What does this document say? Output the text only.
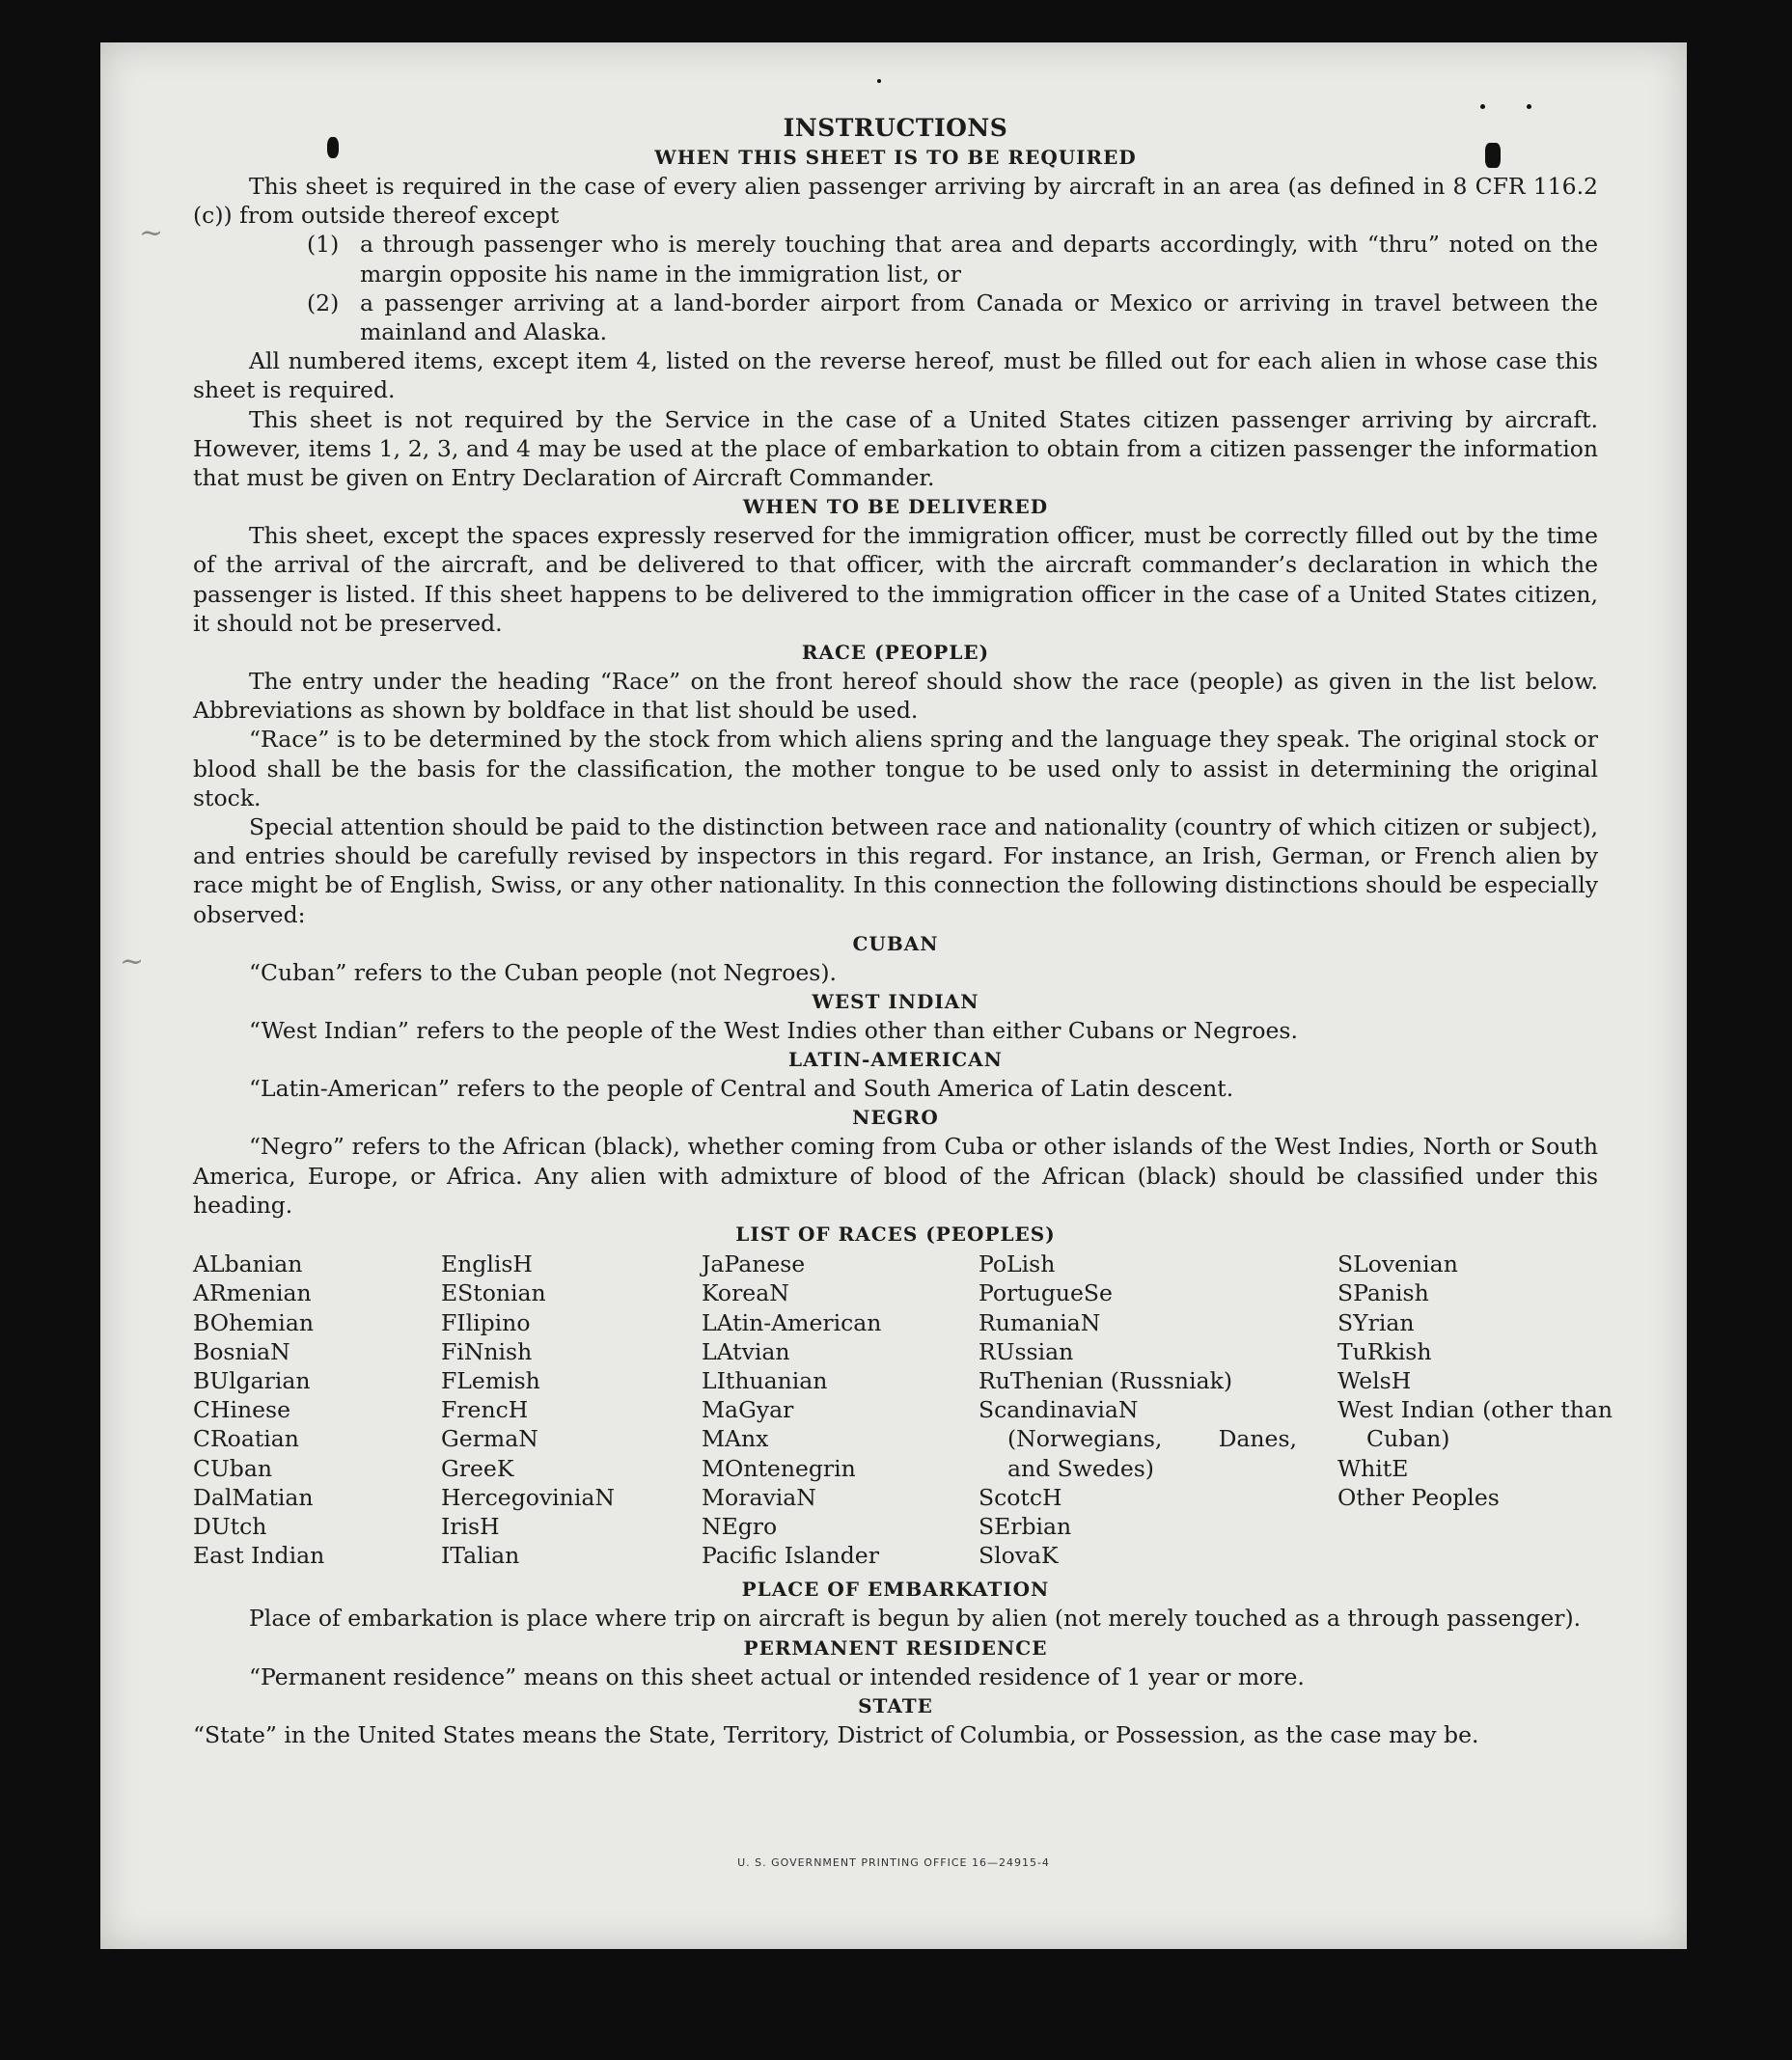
~
~
INSTRUCTIONS
WHEN THIS SHEET IS TO BE REQUIRED

This sheet is required in the case of every alien passenger arriving by aircraft in an area (as defined in 8 CFR 116.2 (c)) from outside thereof except

(1) a through passenger who is merely touching that area and departs accordingly, with “thru” noted on the margin opposite his name in the immigration list, or
(2) a passenger arriving at a land-border airport from Canada or Mexico or arriving in travel between the mainland and Alaska.

All numbered items, except item 4, listed on the reverse hereof, must be filled out for each alien in whose case this sheet is required.

This sheet is not required by the Service in the case of a United States citizen passenger arriving by aircraft. However, items 1, 2, 3, and 4 may be used at the place of embarkation to obtain from a citizen passenger the information that must be given on Entry Declaration of Aircraft Commander.

WHEN TO BE DELIVERED

This sheet, except the spaces expressly reserved for the immigration officer, must be correctly filled out by the time of the arrival of the aircraft, and be delivered to that officer, with the aircraft commander’s declaration in which the passenger is listed. If this sheet happens to be delivered to the immigration officer in the case of a United States citizen, it should not be preserved.

RACE (PEOPLE)

The entry under the heading “Race” on the front hereof should show the race (people) as given in the list below. Abbreviations as shown by boldface in that list should be used.

“Race” is to be determined by the stock from which aliens spring and the language they speak. The original stock or blood shall be the basis for the classification, the mother tongue to be used only to assist in determining the original stock.

Special attention should be paid to the distinction between race and nationality (country of which citizen or subject), and entries should be carefully revised by inspectors in this regard. For instance, an Irish, German, or French alien by race might be of English, Swiss, or any other nationality. In this connection the following distinctions should be especially observed:

CUBAN

“Cuban” refers to the Cuban people (not Negroes).

WEST INDIAN

“West Indian” refers to the people of the West Indies other than either Cubans or Negroes.

LATIN-AMERICAN

“Latin-American” refers to the people of Central and South America of Latin descent.

NEGRO

“Negro” refers to the African (black), whether coming from Cuba or other islands of the West Indies, North or South America, Europe, or Africa. Any alien with admixture of blood of the African (black) should be classified under this heading.

LIST OF RACES (PEOPLES)
ALbanian
ARmenian
BOhemian
BosniaN
BUlgarian
CHinese
CRoatian
CUban
DalMatian
DUtch
East Indian
EnglisH
EStonian
FIlipino
FiNnish
FLemish
FrencH
GermaN
GreeK
HercegoviniaN
IrisH
ITalian
JaPanese
KoreaN
LAtin-American
LAtvian
LIthuanian
MaGyar
MAnx
MOntenegrin
MoraviaN
NEgro
Pacific Islander
PoLish
PortugueSe
RumaniaN
RUssian
RuThenian (Russniak)
ScandinaviaN (Norwegians, Danes, and Swedes)
ScotcH
SErbian
SlovaK
SLovenian
SPanish
SYrian
TuRkish
WelsH
West Indian (other than Cuban)
WhitE
Other Peoples
PLACE OF EMBARKATION

Place of embarkation is place where trip on aircraft is begun by alien (not merely touched as a through passenger).

PERMANENT RESIDENCE

“Permanent residence” means on this sheet actual or intended residence of 1 year or more.

STATE

“State” in the United States means the State, Territory, District of Columbia, or Possession, as the case may be.

U. S. GOVERNMENT PRINTING OFFICE 16—24915-4
